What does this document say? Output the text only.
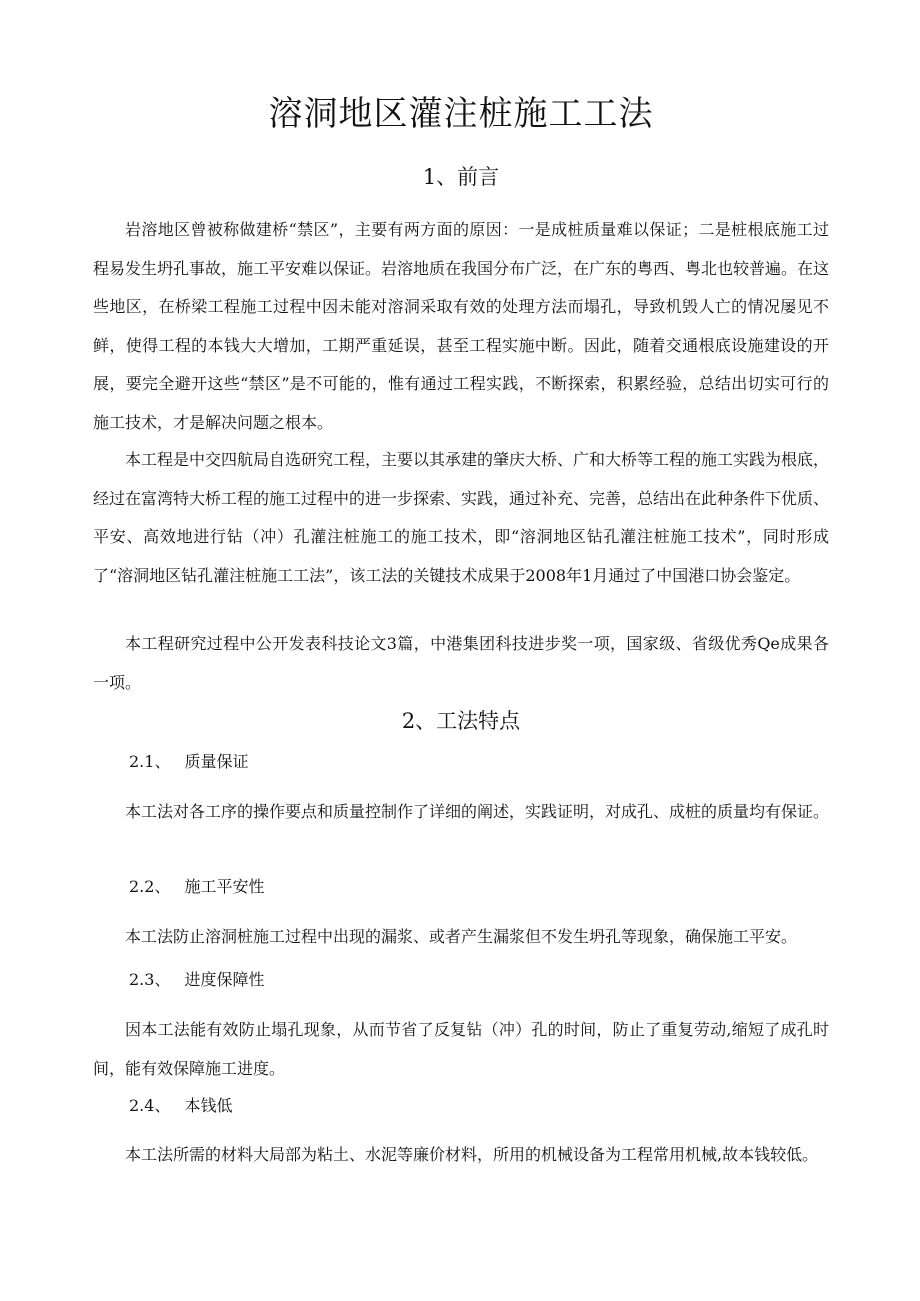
溶洞地区灌注桩施工工法
1、前言

岩溶地区曾被称做建桥“禁区”，主要有两方面的原因：一是成桩质量难以保证；二是桩根底施工过程易发生坍孔事故，施工平安难以保证。岩溶地质在我国分布广泛，在广东的粤西、粤北也较普遍。在这些地区，在桥梁工程施工过程中因未能对溶洞采取有效的处理方法而塌孔，导致机毁人亡的情况屡见不鲜，使得工程的本钱大大增加，工期严重延误，甚至工程实施中断。因此，随着交通根底设施建设的开展，要完全避开这些“禁区”是不可能的，惟有通过工程实践，不断探索，积累经验，总结出切实可行的施工技术，才是解决问题之根本。

本工程是中交四航局自选研究工程，主要以其承建的肇庆大桥、广和大桥等工程的施工实践为根底，经过在富湾特大桥工程的施工过程中的进一步探索、实践，通过补充、完善，总结出在此种条件下优质、平安、高效地进行钻（冲）孔灌注桩施工的施工技术，即“溶洞地区钻孔灌注桩施工技术”，同时形成了“溶洞地区钻孔灌注桩施工工法”，该工法的关键技术成果于2008年1月通过了中国港口协会鉴定。

本工程研究过程中公开发表科技论文3篇，中港集团科技进步奖一项，国家级、省级优秀Qe成果各一项。

2、工法特点
2.1、 质量保证

本工法对各工序的操作要点和质量控制作了详细的阐述，实践证明，对成孔、成桩的质量均有保证。

2.2、 施工平安性

本工法防止溶洞桩施工过程中出现的漏浆、或者产生漏浆但不发生坍孔等现象，确保施工平安。

2.3、 进度保障性

因本工法能有效防止塌孔现象，从而节省了反复钻（冲）孔的时间，防止了重复劳动,缩短了成孔时间，能有效保障施工进度。

2.4、 本钱低

本工法所需的材料大局部为粘土、水泥等廉价材料，所用的机械设备为工程常用机械,故本钱较低。
